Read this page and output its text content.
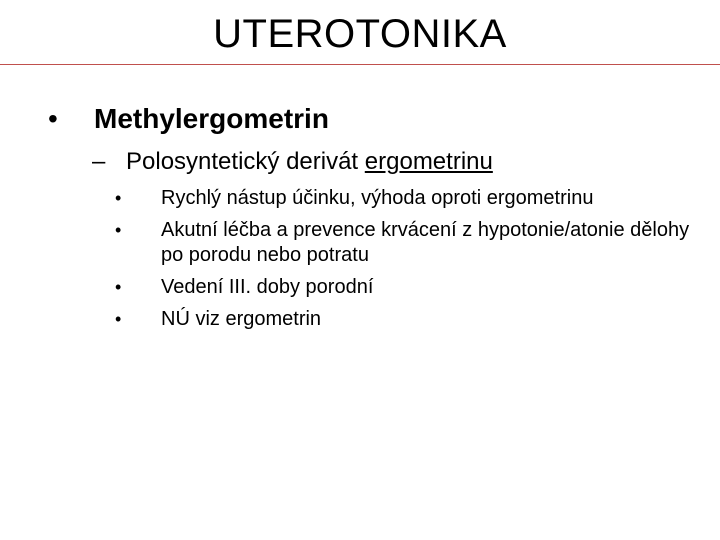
UTEROTONIKA
• Methylergometrin
– Polosyntetický derivát ergometrinu
•	Rychlý nástup účinku, výhoda oproti ergometrinu
•	Akutní léčba a prevence krvácení z hypotonie/atonie dělohy po porodu nebo potratu
•	Vedení III. doby porodní
•	NÚ viz ergometrin
